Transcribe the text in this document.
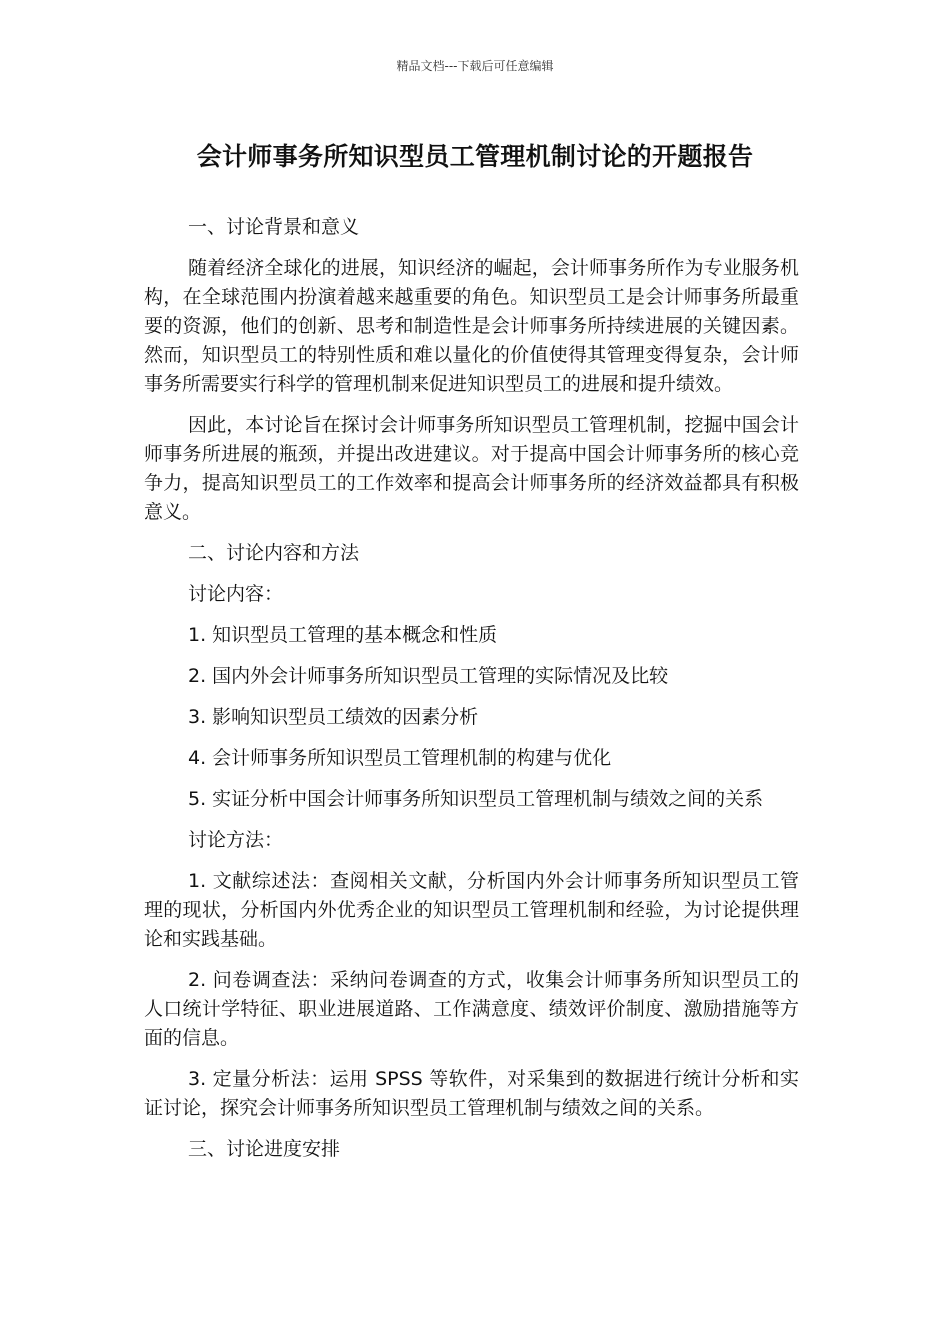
精品文档---下载后可任意编辑
会计师事务所知识型员工管理机制讨论的开题报告

一、讨论背景和意义

随着经济全球化的进展，知识经济的崛起，会计师事务所作为专业服务机构，在全球范围内扮演着越来越重要的角色。知识型员工是会计师事务所最重要的资源，他们的创新、思考和制造性是会计师事务所持续进展的关键因素。然而，知识型员工的特别性质和难以量化的价值使得其管理变得复杂，会计师事务所需要实行科学的管理机制来促进知识型员工的进展和提升绩效。

因此，本讨论旨在探讨会计师事务所知识型员工管理机制，挖掘中国会计师事务所进展的瓶颈，并提出改进建议。对于提高中国会计师事务所的核心竞争力，提高知识型员工的工作效率和提高会计师事务所的经济效益都具有积极意义。

二、讨论内容和方法

讨论内容：

1. 知识型员工管理的基本概念和性质

2. 国内外会计师事务所知识型员工管理的实际情况及比较

3. 影响知识型员工绩效的因素分析

4. 会计师事务所知识型员工管理机制的构建与优化

5. 实证分析中国会计师事务所知识型员工管理机制与绩效之间的关系

讨论方法：

1. 文献综述法：查阅相关文献，分析国内外会计师事务所知识型员工管理的现状，分析国内外优秀企业的知识型员工管理机制和经验，为讨论提供理论和实践基础。

2. 问卷调查法：采纳问卷调查的方式，收集会计师事务所知识型员工的人口统计学特征、职业进展道路、工作满意度、绩效评价制度、激励措施等方面的信息。

3. 定量分析法：运用 SPSS 等软件，对采集到的数据进行统计分析和实证讨论，探究会计师事务所知识型员工管理机制与绩效之间的关系。

三、讨论进度安排
